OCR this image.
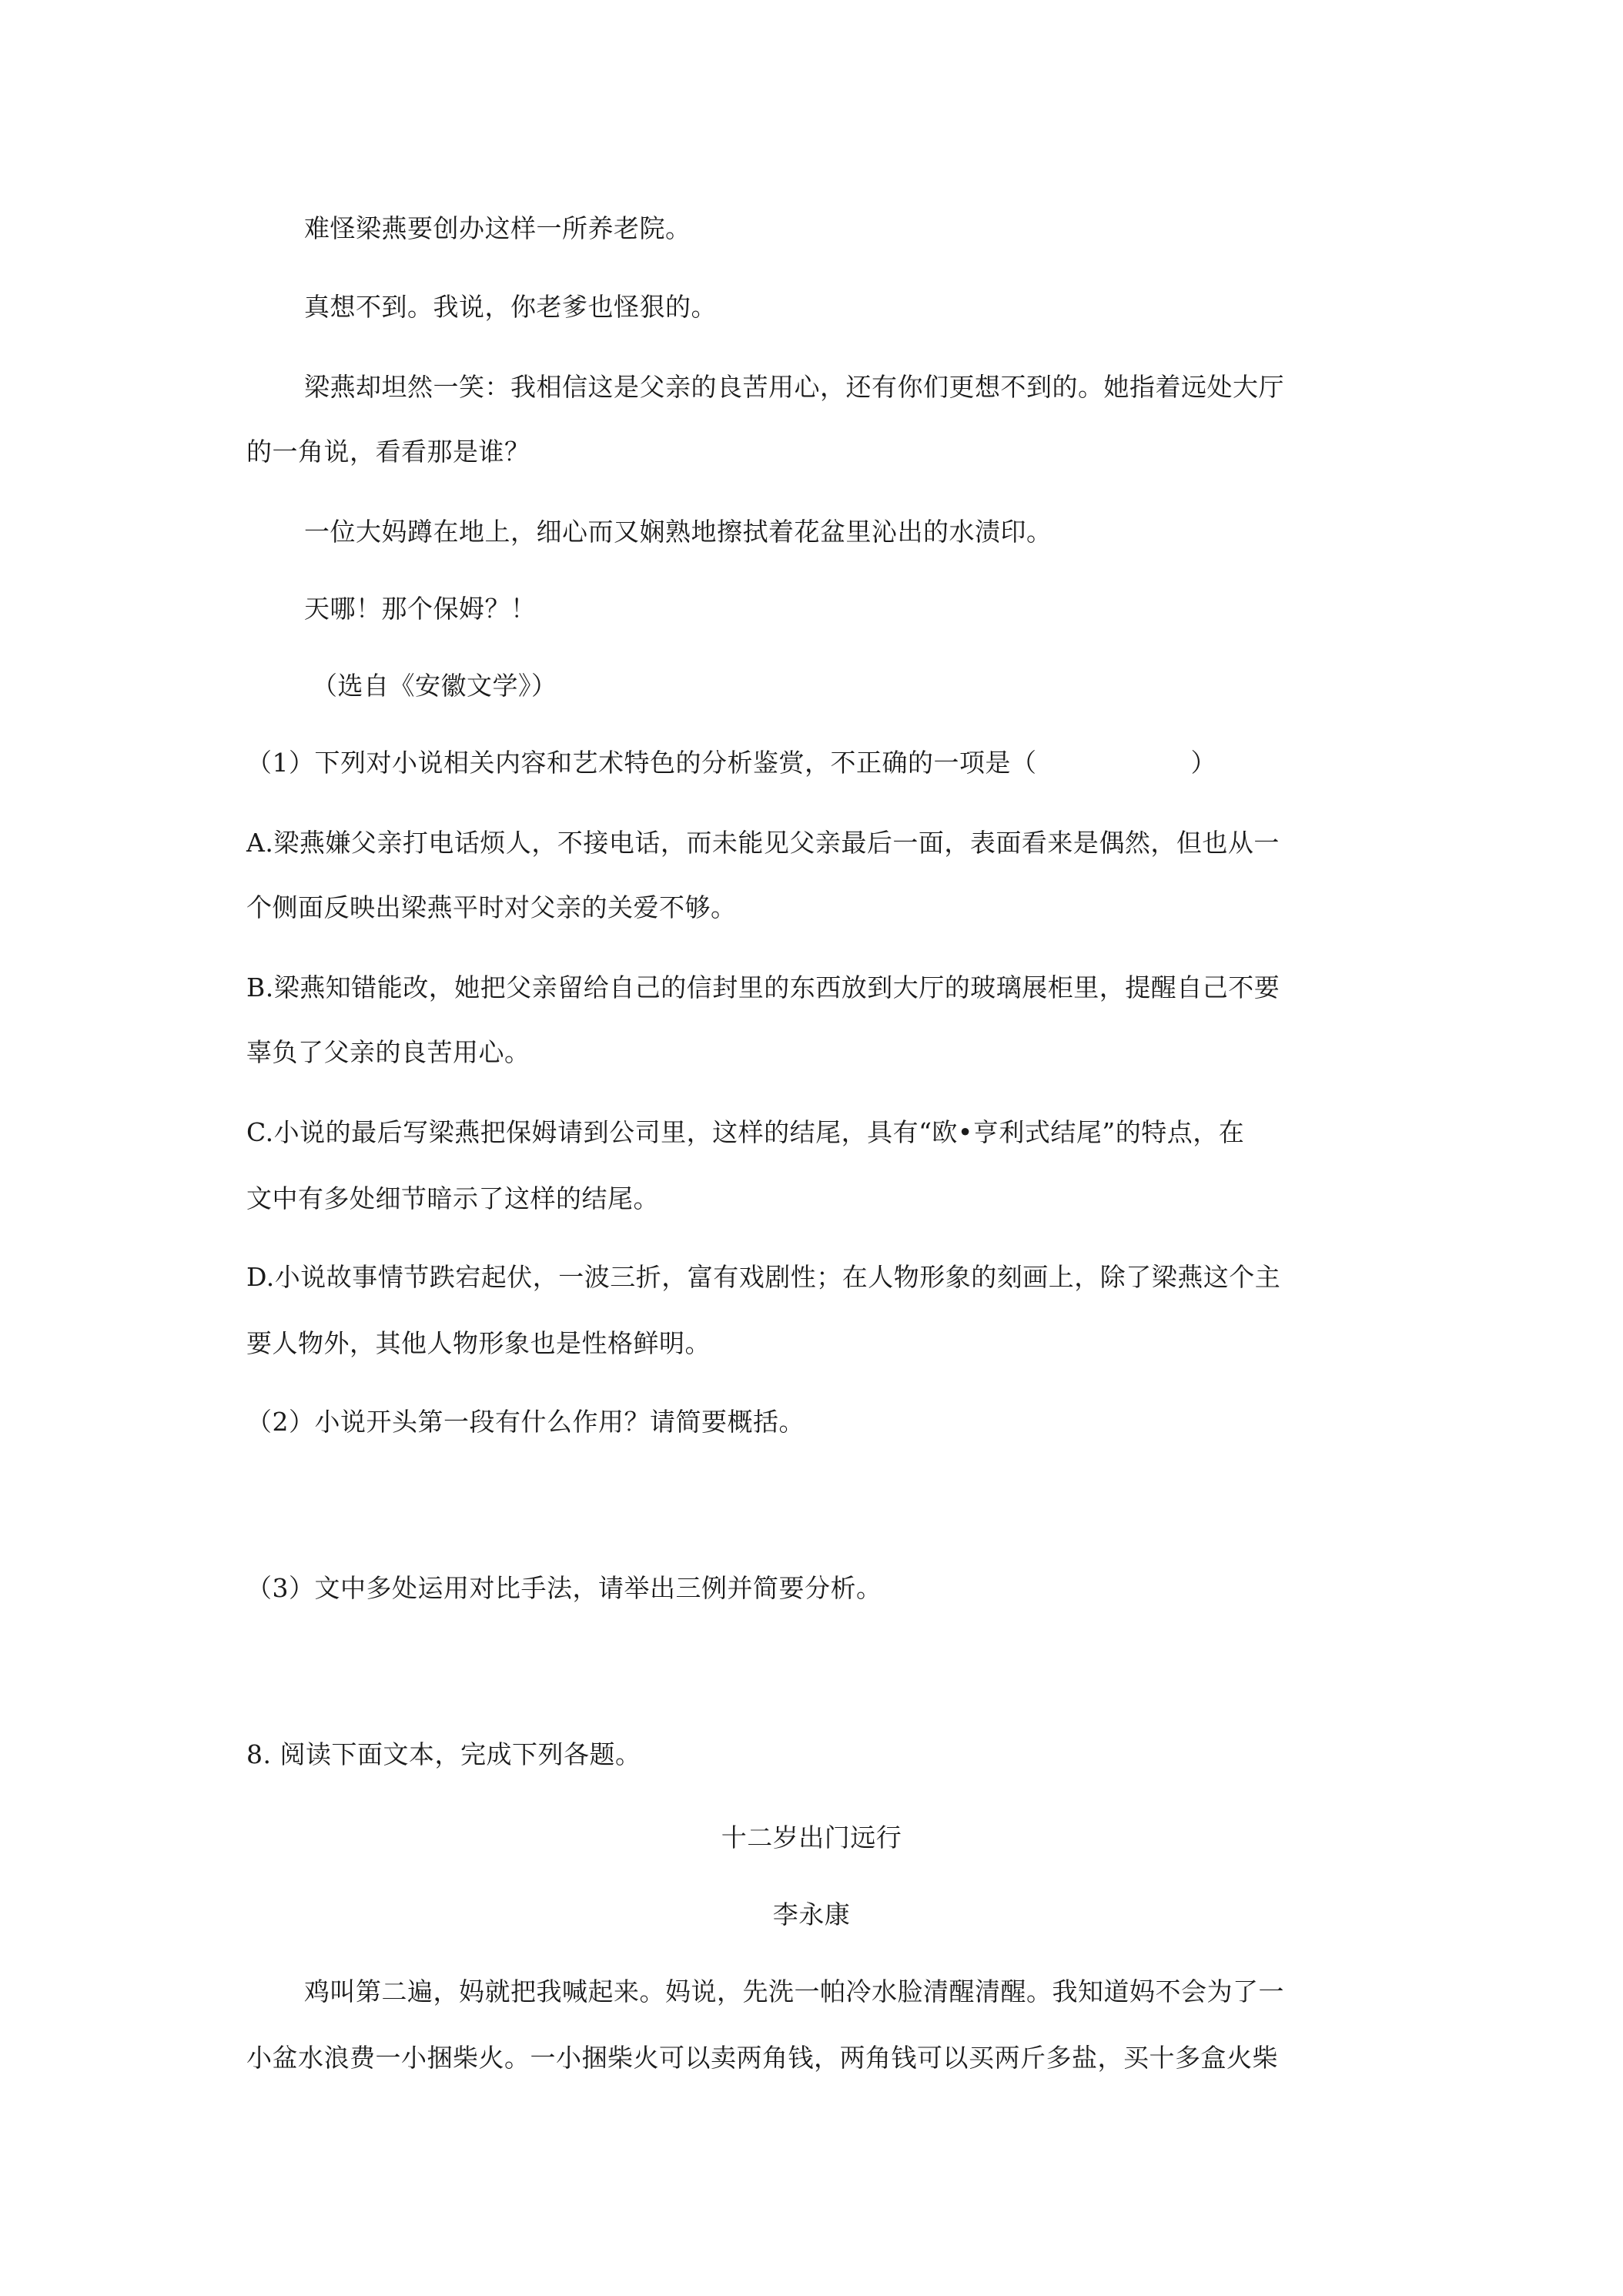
难怪梁燕要创办这样一所养老院。
真想不到。我说，你老爹也怪狠的。
梁燕却坦然一笑：我相信这是父亲的良苦用心，还有你们更想不到的。她指着远处大厅
的一角说，看看那是谁？
一位大妈蹲在地上，细心而又娴熟地擦拭着花盆里沁出的水渍印。
天哪！那个保姆？！
（选自《安徽文学》）
（1）下列对小说相关内容和艺术特色的分析鉴赏，不正确的一项是（	）
A.梁燕嫌父亲打电话烦人，不接电话，而未能见父亲最后一面，表面看来是偶然，但也从一
个侧面反映出梁燕平时对父亲的关爱不够。
B.梁燕知错能改，她把父亲留给自己的信封里的东西放到大厅的玻璃展柜里，提醒自己不要
辜负了父亲的良苦用心。
C.小说的最后写梁燕把保姆请到公司里，这样的结尾，具有“欧•亨利式结尾”的特点，在
文中有多处细节暗示了这样的结尾。
D.小说故事情节跌宕起伏，一波三折，富有戏剧性；在人物形象的刻画上，除了梁燕这个主
要人物外，其他人物形象也是性格鲜明。
（2）小说开头第一段有什么作用？请简要概括。
（3）文中多处运用对比手法，请举出三例并简要分析。
8. 阅读下面文本，完成下列各题。
十二岁出门远行
李永康
鸡叫第二遍，妈就把我喊起来。妈说，先洗一帕冷水脸清醒清醒。我知道妈不会为了一
小盆水浪费一小捆柴火。一小捆柴火可以卖两角钱，两角钱可以买两斤多盐，买十多盒火柴
